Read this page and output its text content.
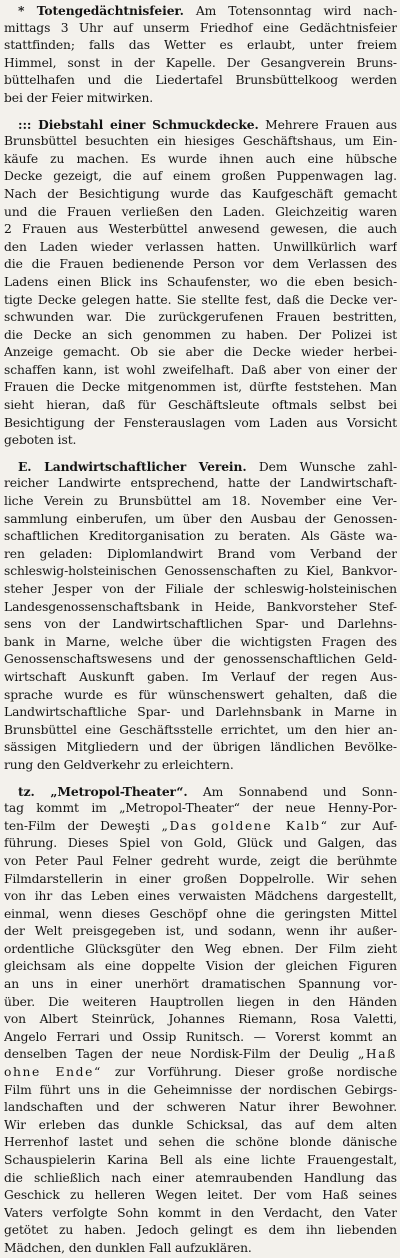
* Totengedächtnisfeier. Am Totensonntag wird nach-
mittags 3 Uhr auf unserm Friedhof eine Gedächtnisfeier
stattfinden; falls das Wetter es erlaubt, unter freiem
Himmel, sonst in der Kapelle. Der Gesangverein Bruns-
büttelhafen und die Liedertafel Brunsbüttelkoog werden
bei der Feier mitwirken.
::: Diebstahl einer Schmuckdecke. Mehrere Frauen aus
Brunsbüttel besuchten ein hiesiges Geschäftshaus, um Ein-
käufe zu machen. Es wurde ihnen auch eine hübsche
Decke gezeigt, die auf einem großen Puppenwagen lag.
Nach der Besichtigung wurde das Kaufgeschäft gemacht
und die Frauen verließen den Laden. Gleichzeitig waren
2 Frauen aus Westerbüttel anwesend gewesen, die auch
den Laden wieder verlassen hatten. Unwillkürlich warf
die die Frauen bedienende Person vor dem Verlassen des
Ladens einen Blick ins Schaufenster, wo die eben besich-
tigte Decke gelegen hatte. Sie stellte fest, daß die Decke ver-
schwunden war. Die zurückgerufenen Frauen bestritten,
die Decke an sich genommen zu haben. Der Polizei ist
Anzeige gemacht. Ob sie aber die Decke wieder herbei-
schaffen kann, ist wohl zweifelhaft. Daß aber von einer der
Frauen die Decke mitgenommen ist, dürfte feststehen. Man
sieht hieran, daß für Geschäftsleute oftmals selbst bei
Besichtigung der Fensterauslagen vom Laden aus Vorsicht
geboten ist.
E. Landwirtschaftlicher Verein. Dem Wunsche zahl-
reicher Landwirte entsprechend, hatte der Landwirtschaft-
liche Verein zu Brunsbüttel am 18. November eine Ver-
sammlung einberufen, um über den Ausbau der Genossen-
schaftlichen Kreditorganisation zu beraten. Als Gäste wa-
ren geladen: Diplomlandwirt Brand vom Verband der
schleswig-holsteinischen Genossenschaften zu Kiel, Bankvor-
steher Jesper von der Filiale der schleswig-holsteinischen
Landesgenossenschaftsbank in Heide, Bankvorsteher Stef-
sens von der Landwirtschaftlichen Spar- und Darlehns-
bank in Marne, welche über die wichtigsten Fragen des
Genossenschaftswesens und der genossenschaftlichen Geld-
wirtschaft Auskunft gaben. Im Verlauf der regen Aus-
sprache wurde es für wünschenswert gehalten, daß die
Landwirtschaftliche Spar- und Darlehnsbank in Marne in
Brunsbüttel eine Geschäftsstelle errichtet, um den hier an-
sässigen Mitgliedern und der übrigen ländlichen Bevölke-
rung den Geldverkehr zu erleichtern.
tz. „Metropol-Theater“. Am Sonnabend und Sonn-
tag kommt im „Metropol-Theater“ der neue Henny-Por-
ten-Film der Deweşti „Das goldene Kalb“ zur Auf-
führung. Dieses Spiel von Gold, Glück und Galgen, das
von Peter Paul Felner gedreht wurde, zeigt die berühmte
Filmdarstellerin in einer großen Doppelrolle. Wir sehen
von ihr das Leben eines verwaisten Mädchens dargestellt,
einmal, wenn dieses Geschöpf ohne die geringsten Mittel
der Welt preisgegeben ist, und sodann, wenn ihr außer-
ordentliche Glücksgüter den Weg ebnen. Der Film zieht
gleichsam als eine doppelte Vision der gleichen Figuren
an uns in einer unerhört dramatischen Spannung vor-
über. Die weiteren Hauptrollen liegen in den Händen
von Albert Steinrück, Johannes Riemann, Rosa Valetti,
Angelo Ferrari und Ossip Runitsch. — Vorerst kommt an
denselben Tagen der neue Nordisk-Film der Deulig „Haß
ohne Ende“ zur Vorführung. Dieser große nordische
Film führt uns in die Geheimnisse der nordischen Gebirgs-
landschaften und der schweren Natur ihrer Bewohner.
Wir erleben das dunkle Schicksal, das auf dem alten
Herrenhof lastet und sehen die schöne blonde dänische
Schauspielerin Karina Bell als eine lichte Frauengestalt,
die schließlich nach einer atemraubenden Handlung das
Geschick zu helleren Wegen leitet. Der vom Haß seines
Vaters verfolgte Sohn kommt in den Verdacht, den Vater
getötet zu haben. Jedoch gelingt es dem ihn liebenden
Mädchen, den dunklen Fall aufzuklären.
